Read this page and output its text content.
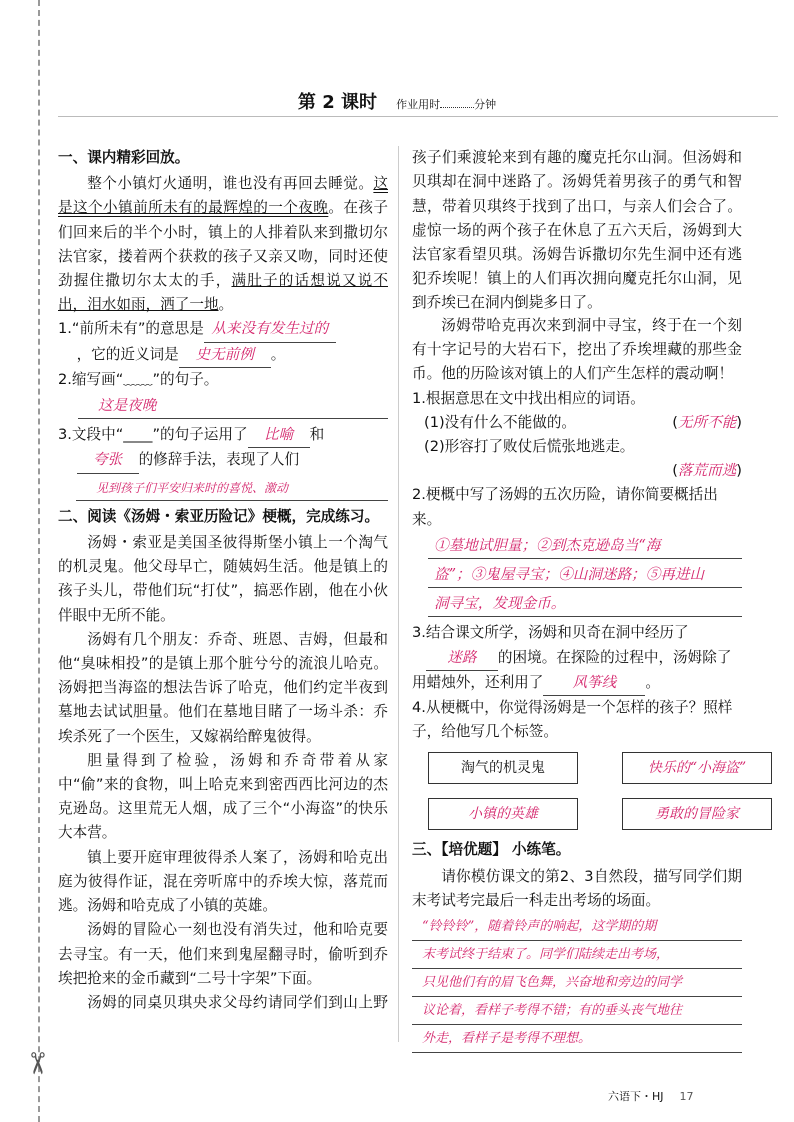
✂
第 2 课时 作业用时	分钟
一、课内精彩回放。

整个小镇灯火通明，谁也没有再回去睡觉。这是这个小镇前所未有的最辉煌的一个夜晚。在孩子们回来后的半个小时，镇上的人排着队来到撒切尔法官家，搂着两个获救的孩子又亲又吻，同时还使劲握住撒切尔太太的手，满肚子的话想说又说不出，泪水如雨，洒了一地。

1.“前所未有”的意思是 从来没有发生过的
，它的近义词是 史无前例 。

2.缩写画“﹏﹏”的句子。

这是夜晚

3.文段中“____”的句子运用了 比喻 和
夸张 的修辞手法，表现了人们

见到孩子们平安归来时的喜悦、激动
二、阅读《汤姆・索亚历险记》梗概，完成练习。

汤姆・索亚是美国圣彼得斯堡小镇上一个淘气的机灵鬼。他父母早亡，随姨妈生活。他是镇上的孩子头儿，带他们玩“打仗”，搞恶作剧，他在小伙伴眼中无所不能。

汤姆有几个朋友：乔奇、班恩、吉姆，但最和他“臭味相投”的是镇上那个脏兮兮的流浪儿哈克。汤姆把当海盗的想法告诉了哈克，他们约定半夜到墓地去试试胆量。他们在墓地目睹了一场斗杀：乔埃杀死了一个医生，又嫁祸给醉鬼彼得。

胆量得到了检验，汤姆和乔奇带着从家中“偷”来的食物，叫上哈克来到密西西比河边的杰克逊岛。这里荒无人烟，成了三个“小海盗”的快乐大本营。

镇上要开庭审理彼得杀人案了，汤姆和哈克出庭为彼得作证，混在旁听席中的乔埃大惊，落荒而逃。汤姆和哈克成了小镇的英雄。

汤姆的冒险心一刻也没有消失过，他和哈克要去寻宝。有一天，他们来到鬼屋翻寻时，偷听到乔埃把抢来的金币藏到“二号十字架”下面。

汤姆的同桌贝琪央求父母约请同学们到山上野

孩子们乘渡轮来到有趣的魔克托尔山洞。但汤姆和贝琪却在洞中迷路了。汤姆凭着男孩子的勇气和智慧，带着贝琪终于找到了出口，与亲人们会合了。虚惊一场的两个孩子在休息了五六天后，汤姆到大法官家看望贝琪。汤姆告诉撒切尔先生洞中还有逃犯乔埃呢！镇上的人们再次拥向魔克托尔山洞，见到乔埃已在洞内倒毙多日了。

汤姆带哈克再次来到洞中寻宝，终于在一个刻有十字记号的大岩石下，挖出了乔埃埋藏的那些金币。他的历险该对镇上的人们产生怎样的震动啊！

1.根据意思在文中找出相应的词语。

(1)没有什么不能做的。	(无所不能)

(2)形容打了败仗后慌张地逃走。

(落荒而逃)

2.梗概中写了汤姆的五次历险，请你简要概括出来。

①墓地试胆量；②到杰克逊岛当“海
盗”；③鬼屋寻宝；④山洞迷路；⑤再进山
洞寻宝，发现金币。

3.结合课文所学，汤姆和贝奇在洞中经历了
迷路 的困境。在探险的过程中，汤姆除了用蜡烛外，还利用了 风筝线 。

4.从梗概中，你觉得汤姆是一个怎样的孩子？照样子，给他写几个标签。

淘气的机灵鬼	快乐的“小海盗”
小镇的英雄	勇敢的冒险家
三、【培优题】 小练笔。

请你模仿课文的第2、3自然段，描写同学们期末考试考完最后一科走出考场的场面。

“铃铃铃”，随着铃声的响起，这学期的期
末考试终于结束了。同学们陆续走出考场，
只见他们有的眉飞色舞，兴奋地和旁边的同学
议论着，看样子考得不错；有的垂头丧气地往
外走，看样子是考得不理想。
六语下・HJ 17
